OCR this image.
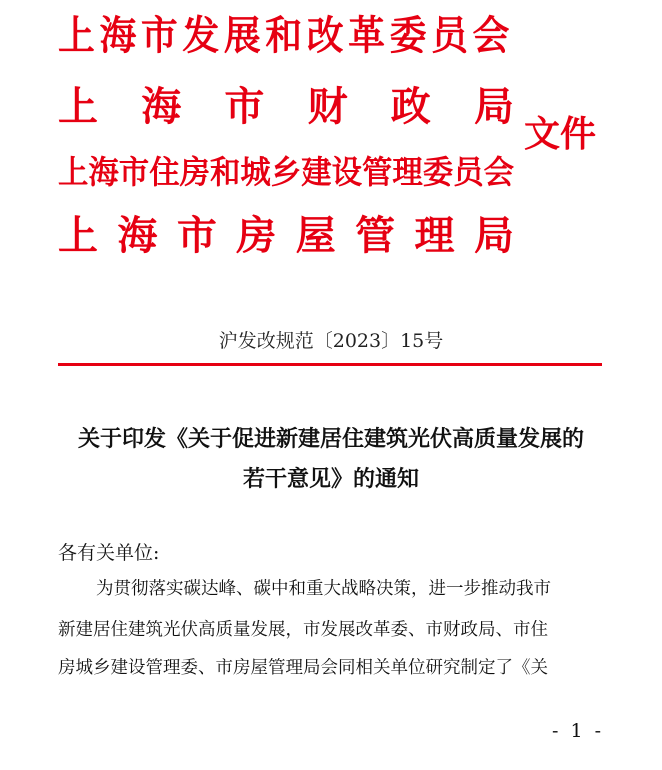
上海市发展和改革委员会
上 海 市 财 政 局
上海市住房和城乡建设管理委员会
上 海 市 房 屋 管 理 局
文件
沪发改规范〔2023〕15号
关于印发《关于促进新建居住建筑光伏高质量发展的
若干意见》的通知
各有关单位:
为贯彻落实碳达峰、碳中和重大战略决策，进一步推动我市
新建居住建筑光伏高质量发展，市发展改革委、市财政局、市住
房城乡建设管理委、市房屋管理局会同相关单位研究制定了《关
- 1 -
